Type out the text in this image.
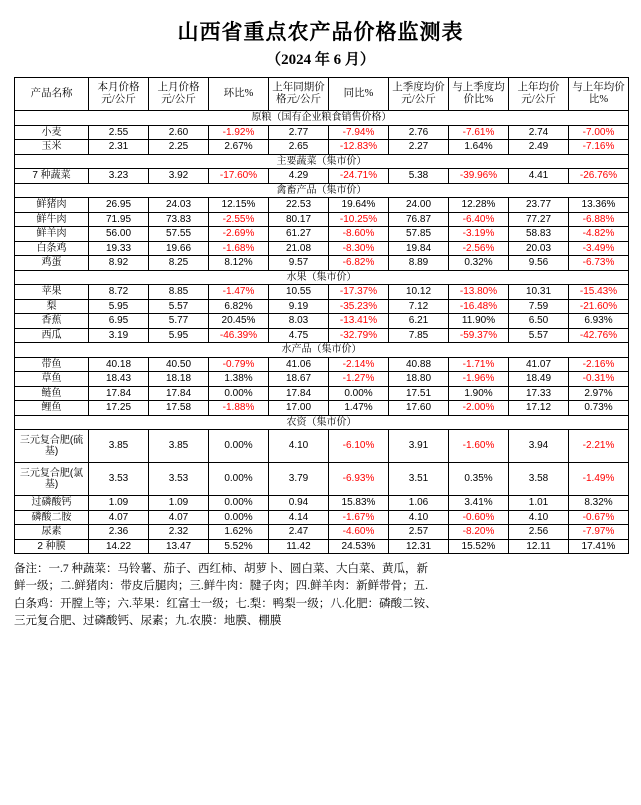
山西省重点农产品价格监测表
（2024 年 6 月）
产品名称	本月价格元/公斤	上月价格元/公斤	环比%	上年同期价格元/公斤	同比%	上季度均价元/公斤	与上季度均价比%	上年均价元/公斤	与上年均价比%
原粮（国有企业粮食销售价格）									
小麦	2.55	2.60	-1.92%	2.77	-7.94%	2.76	-7.61%	2.74	-7.00%
玉米	2.31	2.25	2.67%	2.65	-12.83%	2.27	1.64%	2.49	-7.16%
主要蔬菜（集市价）									
7 种蔬菜	3.23	3.92	-17.60%	4.29	-24.71%	5.38	-39.96%	4.41	-26.76%
禽畜产品（集市价）									
鲜猪肉	26.95	24.03	12.15%	22.53	19.64%	24.00	12.28%	23.77	13.36%
鲜牛肉	71.95	73.83	-2.55%	80.17	-10.25%	76.87	-6.40%	77.27	-6.88%
鲜羊肉	56.00	57.55	-2.69%	61.27	-8.60%	57.85	-3.19%	58.83	-4.82%
白条鸡	19.33	19.66	-1.68%	21.08	-8.30%	19.84	-2.56%	20.03	-3.49%
鸡蛋	8.92	8.25	8.12%	9.57	-6.82%	8.89	0.32%	9.56	-6.73%
水果（集市价）									
苹果	8.72	8.85	-1.47%	10.55	-17.37%	10.12	-13.80%	10.31	-15.43%
梨	5.95	5.57	6.82%	9.19	-35.23%	7.12	-16.48%	7.59	-21.60%
香蕉	6.95	5.77	20.45%	8.03	-13.41%	6.21	11.90%	6.50	6.93%
西瓜	3.19	5.95	-46.39%	4.75	-32.79%	7.85	-59.37%	5.57	-42.76%
水产品（集市价）									
带鱼	40.18	40.50	-0.79%	41.06	-2.14%	40.88	-1.71%	41.07	-2.16%
草鱼	18.43	18.18	1.38%	18.67	-1.27%	18.80	-1.96%	18.49	-0.31%
鲢鱼	17.84	17.84	0.00%	17.84	0.00%	17.51	1.90%	17.33	2.97%
鲤鱼	17.25	17.58	-1.88%	17.00	1.47%	17.60	-2.00%	17.12	0.73%
农资（集市价）									
三元复合肥(硫基)	3.85	3.85	0.00%	4.10	-6.10%	3.91	-1.60%	3.94	-2.21%
三元复合肥(氯基)	3.53	3.53	0.00%	3.79	-6.93%	3.51	0.35%	3.58	-1.49%
过磷酸钙	1.09	1.09	0.00%	0.94	15.83%	1.06	3.41%	1.01	8.32%
磷酸二胺	4.07	4.07	0.00%	4.14	-1.67%	4.10	-0.60%	4.10	-0.67%
尿素	2.36	2.32	1.62%	2.47	-4.60%	2.57	-8.20%	2.56	-7.97%
2 种膜	14.22	13.47	5.52%	11.42	24.53%	12.31	15.52%	12.11	17.41%

备注：一.7 种蔬菜：马铃薯、茄子、西红柿、胡萝卜、圆白菜、大白菜、黄瓜，新

鲜一级；二.鲜猪肉：带皮后腿肉；三.鲜牛肉：腱子肉；四.鲜羊肉：新鲜带骨；五.

白条鸡：开膛上等；六.苹果：红富士一级；七.梨：鸭梨一级；八.化肥：磷酸二铵、

三元复合肥、过磷酸钙、尿素；九.农膜：地膜、棚膜
